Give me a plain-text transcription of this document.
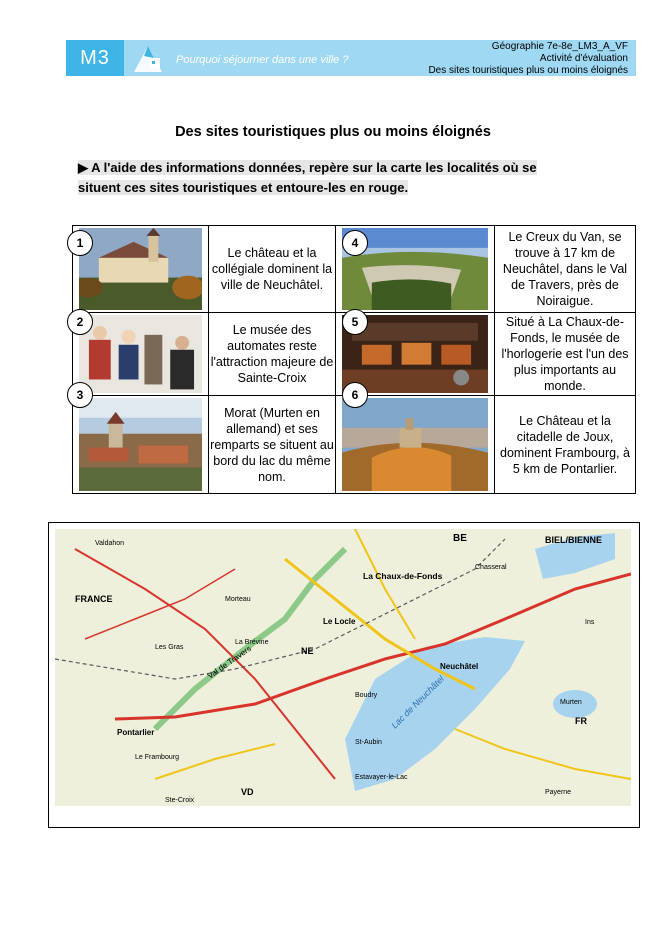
M3	Pourquoi séjourner dans une ville ?
Géographie 7e-8e_LM3_A_VF
Activité d'évaluation
Des sites touristiques plus ou moins éloignés
Des sites touristiques plus ou moins éloignés
▶ A l'aide des informations données, repère sur la carte les localités où se situent ces sites touristiques et entoure-les en rouge.
1	Le château et la collégiale dominent la ville de Neuchâtel.	4	Le Creux du Van, se trouve à 17 km de Neuchâtel, dans le Val de Travers, près de Noiraigue.

2	Le musée des automates reste l'attraction majeure de Sainte-Croix	5	Situé à La Chaux-de-Fonds, le musée de l'horlogerie est l'un des plus importants au monde.

3	Morat (Murten en allemand) et ses remparts se situent au bord du lac du même nom.	6	Le Château et la citadelle de Joux, dominent Frambourg, à 5 km de Pontarlier.
FRANCE
BE	BIEL/BIENNE
La Chaux-de-Fonds
Le Locle
NE
Neuchâtel
Pontarlier
VD
FR
Lac de Neuchâtel
Val de Travers
Morteau
Estavayer-le-Lac
Murten
Ste-Croix
Boudry
Valdahon
St-Aubin
Le Frambourg
Chasseral
Ins
Payerne
Les Gras
La Brévine
